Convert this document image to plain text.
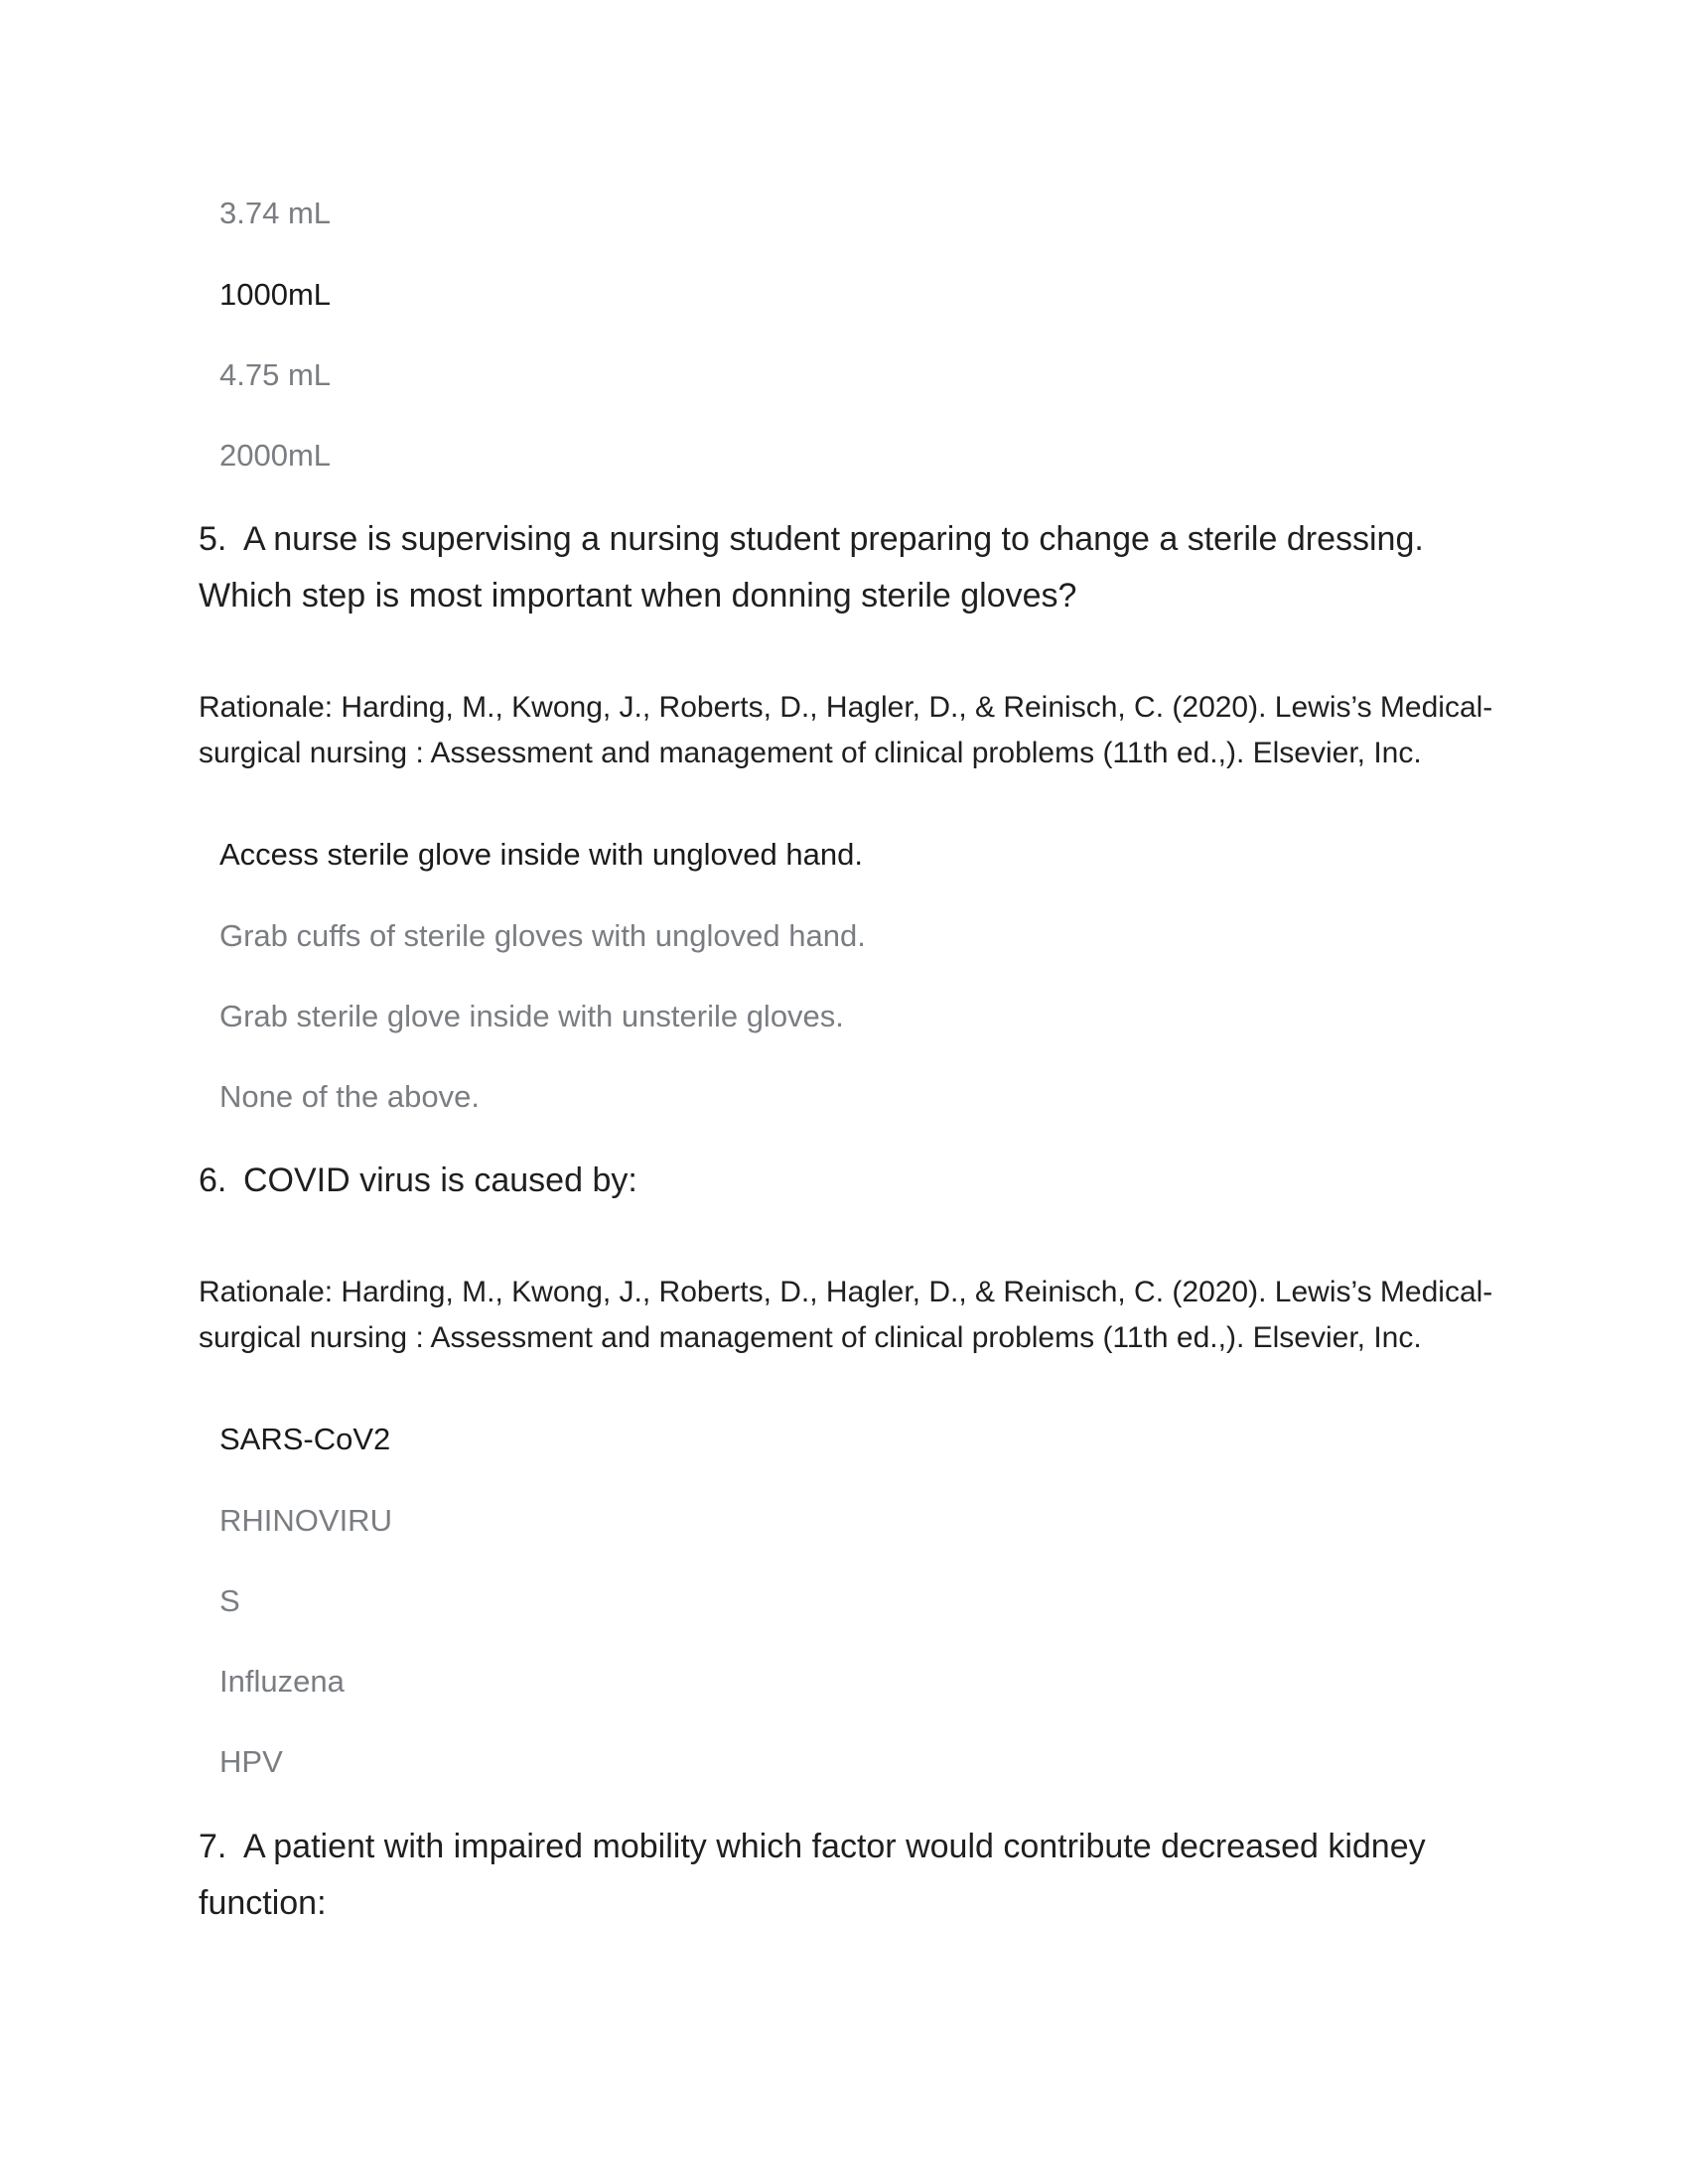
3.74 mL
1000mL
4.75 mL
2000mL
5. A nurse is supervising a nursing student preparing to change a sterile dressing. Which step is most important when donning sterile gloves?
Rationale: Harding, M., Kwong, J., Roberts, D., Hagler, D., & Reinisch, C. (2020). Lewis’s Medical-surgical nursing : Assessment and management of clinical problems (11th ed.,). Elsevier, Inc.
Access sterile glove inside with ungloved hand.
Grab cuffs of sterile gloves with ungloved hand.
Grab sterile glove inside with unsterile gloves.
None of the above.
6. COVID virus is caused by:
Rationale: Harding, M., Kwong, J., Roberts, D., Hagler, D., & Reinisch, C. (2020). Lewis’s Medical-surgical nursing : Assessment and management of clinical problems (11th ed.,). Elsevier, Inc.
SARS-CoV2
RHINOVIRU
S
Influzena
HPV
7. A patient with impaired mobility which factor would contribute decreased kidney function:
